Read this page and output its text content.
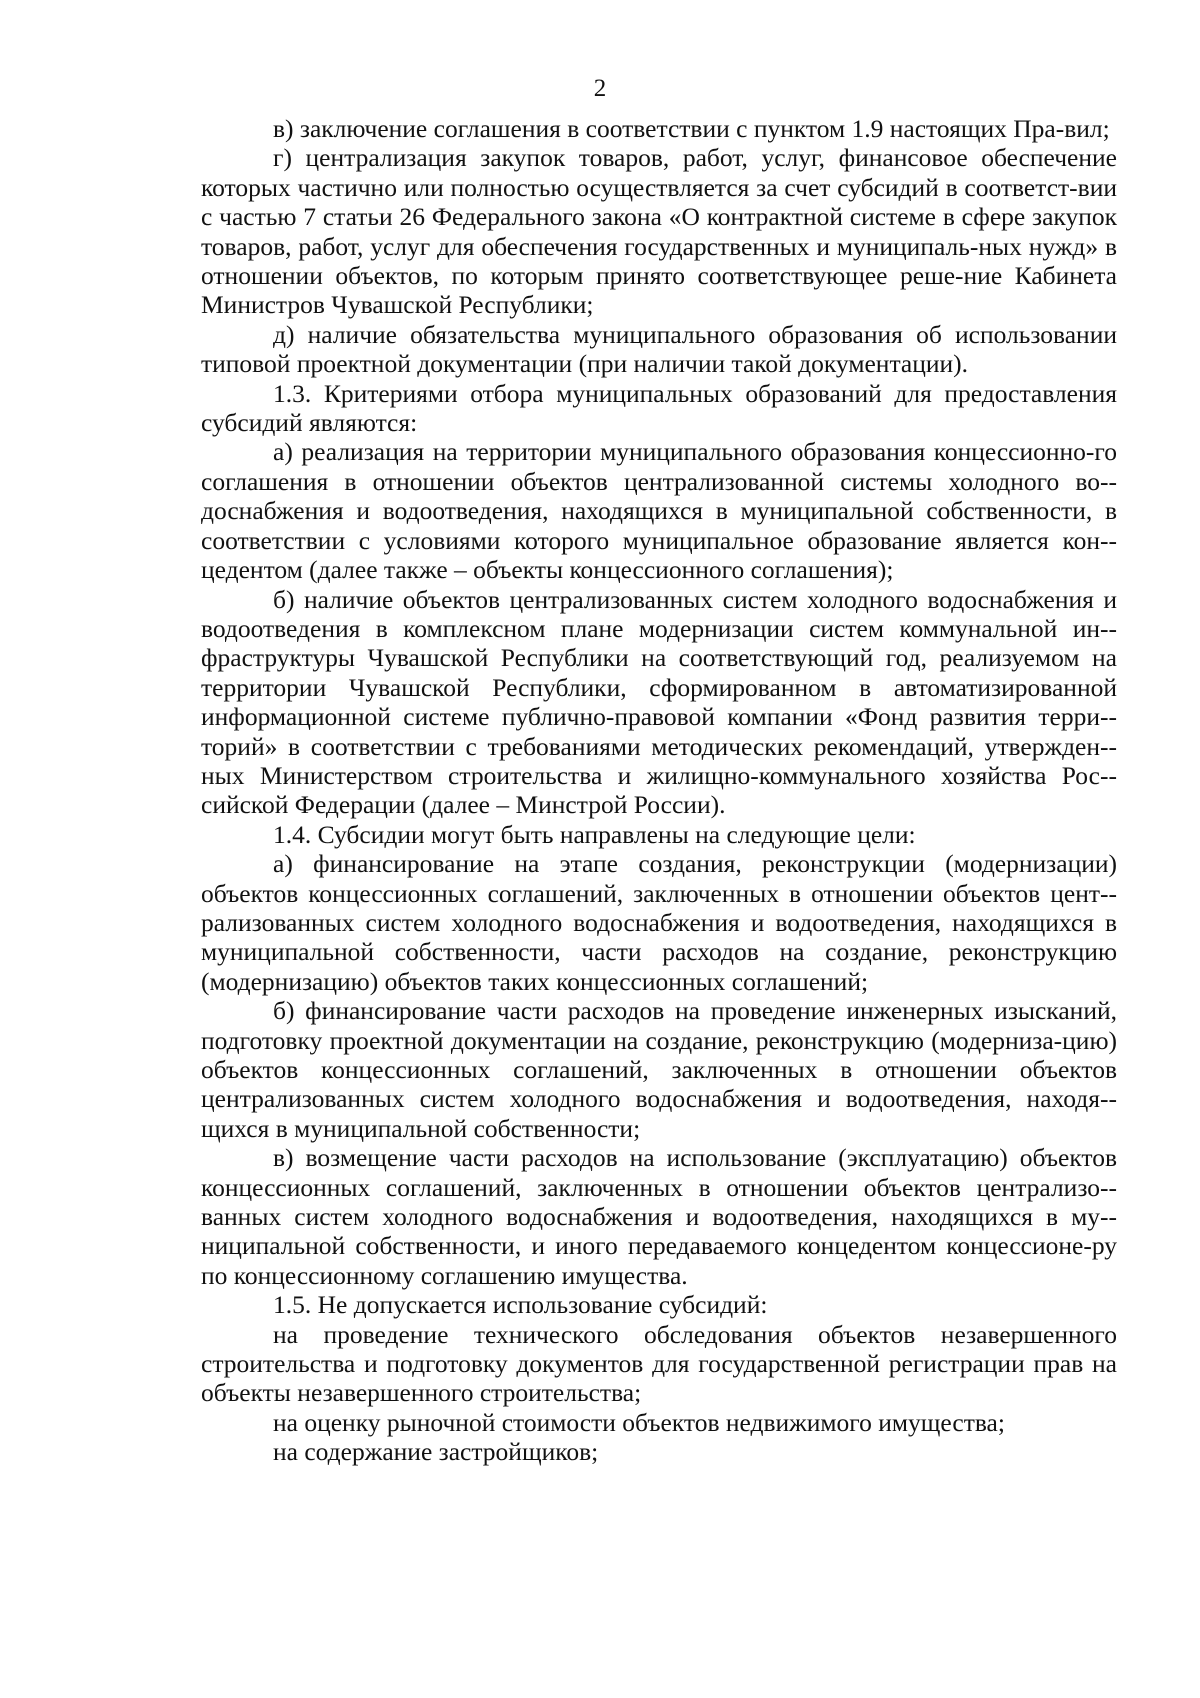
2

в) заключение соглашения в соответствии с пунктом 1.9 настоящих Пра-вил;

г) централизация закупок товаров, работ, услуг, финансовое обеспечение которых частично или полностью осуществляется за счет субсидий в соответст-вии с частью 7 статьи 26 Федерального закона «О контрактной системе в сфере закупок товаров, работ, услуг для обеспечения государственных и муниципаль-ных нужд» в отношении объектов, по которым принято соответствующее реше-ние Кабинета Министров Чувашской Республики;

д) наличие обязательства муниципального образования об использовании типовой проектной документации (при наличии такой документации).

1.3. Критериями отбора муниципальных образований для предоставления субсидий являются:

а) реализация на территории муниципального образования концессионно-го соглашения в отношении объектов централизованной системы холодного во-доснабжения и водоотведения, находящихся в муниципальной собственности, в соответствии с условиями которого муниципальное образование является кон-цедентом (далее также – объекты концессионного соглашения);

б) наличие объектов централизованных систем холодного водоснабжения и водоотведения в комплексном плане модернизации систем коммунальной ин-фраструктуры Чувашской Республики на соответствующий год, реализуемом на территории Чувашской Республики, сформированном в автоматизированной информационной системе публично-правовой компании «Фонд развития терри-торий» в соответствии с требованиями методических рекомендаций, утвержден-ных Министерством строительства и жилищно-коммунального хозяйства Рос-сийской Федерации (далее – Минстрой России).

1.4. Субсидии могут быть направлены на следующие цели:

а) финансирование на этапе создания, реконструкции (модернизации) объектов концессионных соглашений, заключенных в отношении объектов цент-рализованных систем холодного водоснабжения и водоотведения, находящихся в муниципальной собственности, части расходов на создание, реконструкцию (модернизацию) объектов таких концессионных соглашений;

б) финансирование части расходов на проведение инженерных изысканий, подготовку проектной документации на создание, реконструкцию (модерниза-цию) объектов концессионных соглашений, заключенных в отношении объектов централизованных систем холодного водоснабжения и водоотведения, находя-щихся в муниципальной собственности;

в) возмещение части расходов на использование (эксплуатацию) объектов концессионных соглашений, заключенных в отношении объектов централизо-ванных систем холодного водоснабжения и водоотведения, находящихся в му-ниципальной собственности, и иного передаваемого концедентом концессионе-ру по концессионному соглашению имущества.

1.5. Не допускается использование субсидий:

на проведение технического обследования объектов незавершенного строительства и подготовку документов для государственной регистрации прав на объекты незавершенного строительства;

на оценку рыночной стоимости объектов недвижимого имущества;

на содержание застройщиков;
